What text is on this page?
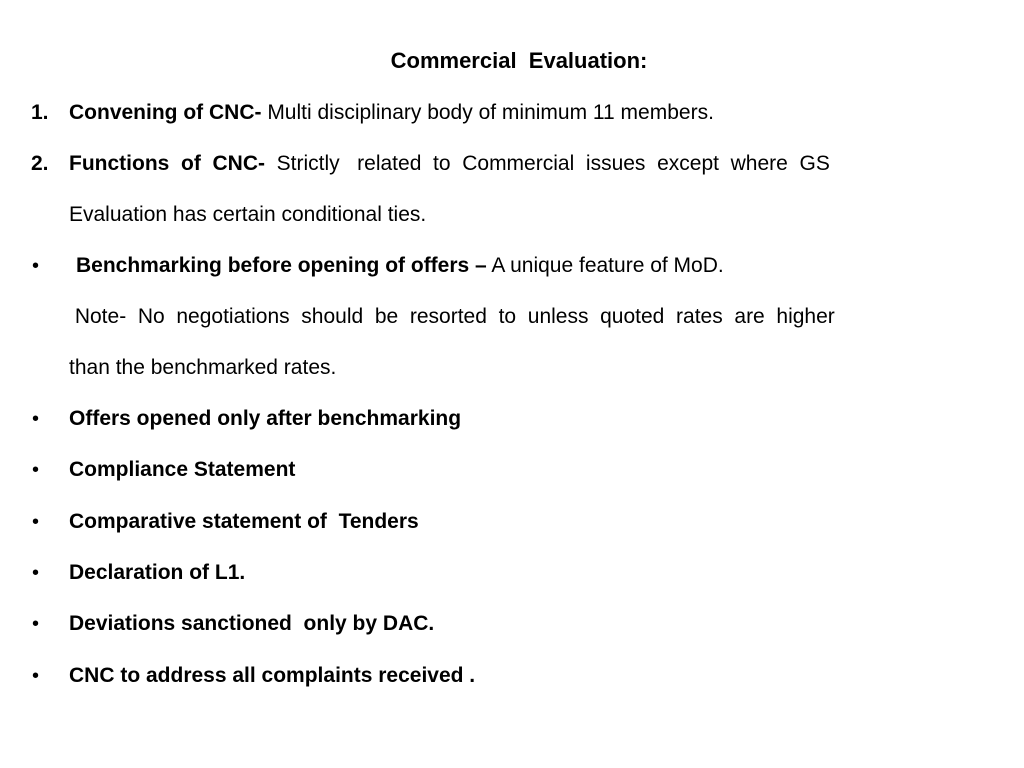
Commercial  Evaluation:
1. Convening of CNC- Multi disciplinary body of minimum 11 members.
2. Functions  of  CNC-  Strictly   related  to  Commercial  issues  except  where  GS
Evaluation has certain conditional ties.
•	Benchmarking before opening of offers – A unique feature of MoD.
Note-  No  negotiations  should  be  resorted  to  unless  quoted  rates  are  higher
than the benchmarked rates.
•	Offers opened only after benchmarking
•	Compliance Statement
•	Comparative statement of  Tenders
•	Declaration of L1.
•	Deviations sanctioned  only by DAC.
•	CNC to address all complaints received .
